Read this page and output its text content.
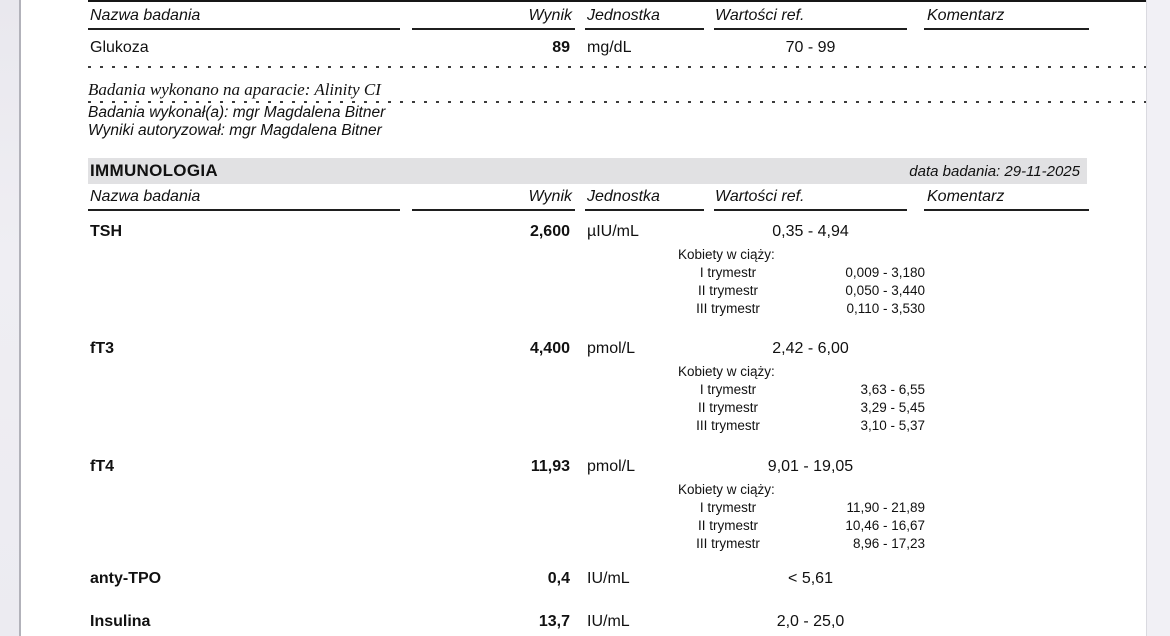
Nazwa badania	Wynik Jednostka	Wartości ref.	Komentarz
Glukoza	89	mg/dL	70 - 99
Badania wykonano na aparacie: Alinity CI
Badania wykonał(a): mgr Magdalena Bitner
Wyniki autoryzował: mgr Magdalena Bitner
IMMUNOLOGIA	data badania: 29-11-2025
Nazwa badania	Wynik Jednostka	Wartości ref.	Komentarz
TSH	2,600	µIU/mL	0,35 - 4,94
Kobiety w ciąży:
I trymestr	0,009 - 3,180
II trymestr	0,050 - 3,440
III trymestr	0,110 - 3,530
fT3	4,400	pmol/L	2,42 - 6,00
Kobiety w ciąży:
I trymestr	3,63 - 6,55
II trymestr	3,29 - 5,45
III trymestr	3,10 - 5,37
fT4	11,93	pmol/L	9,01 - 19,05
Kobiety w ciąży:
I trymestr	11,90 - 21,89
II trymestr	10,46 - 16,67
III trymestr	8,96 - 17,23
anty-TPO	0,4	IU/mL	< 5,61
Insulina	13,7	IU/mL	2,0 - 25,0
